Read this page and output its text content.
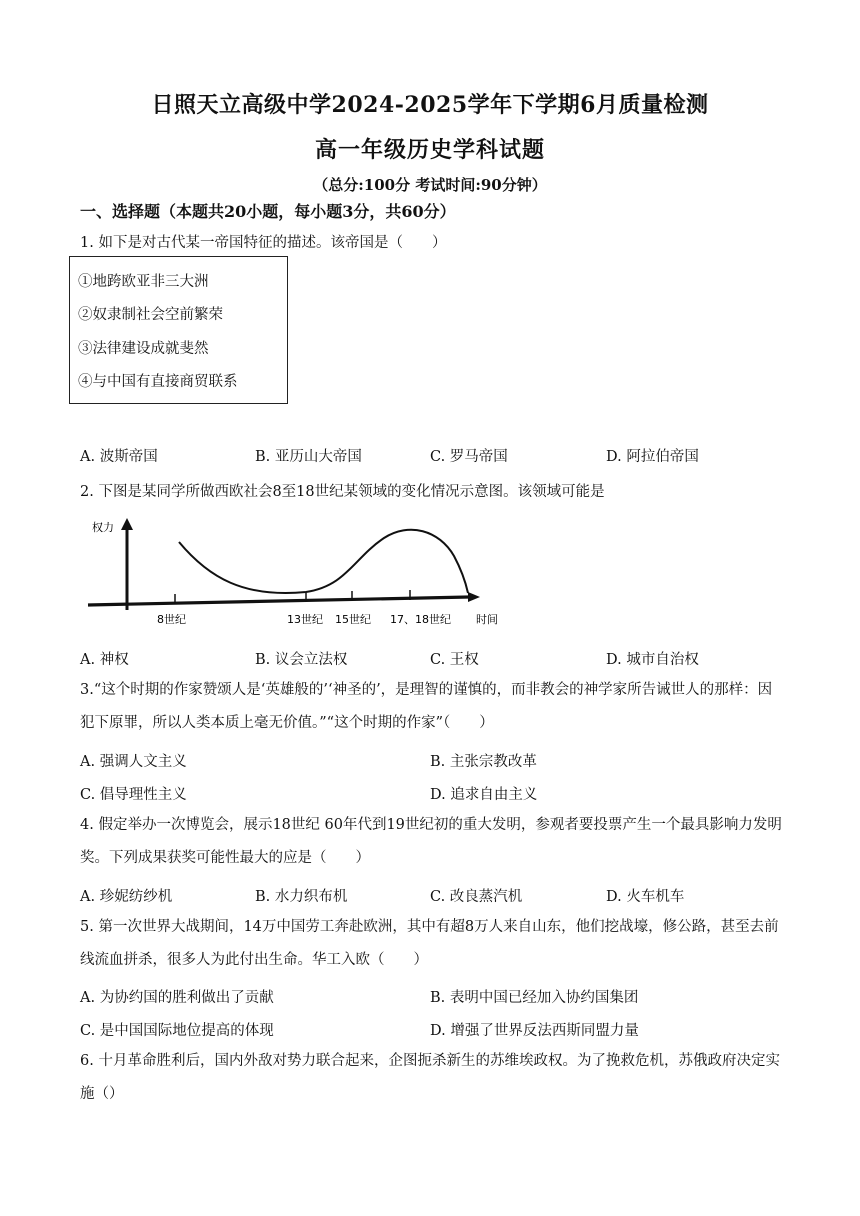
日照天立高级中学2024-2025学年下学期6月质量检测
高一年级历史学科试题
（总分:100分 考试时间:90分钟）
一、选择题（本题共20小题，每小题3分，共60分）
1. 如下是对古代某一帝国特征的描述。该帝国是（　　）
①地跨欧亚非三大洲
②奴隶制社会空前繁荣
③法律建设成就斐然
④与中国有直接商贸联系
A. 波斯帝国	B. 亚历山大帝国	C. 罗马帝国	D. 阿拉伯帝国
2. 下图是某同学所做西欧社会8至18世纪某领域的变化情况示意图。该领域可能是
权力
8世纪	13世纪 15世纪 17、18世纪 时间
A. 神权	B. 议会立法权	C. 王权	D. 城市自治权
3.“这个时期的作家赞颂人是‘英雄般的’‘神圣的’，是理智的谨慎的，而非教会的神学家所告诫世人的那样：因犯下原罪，所以人类本质上毫无价值。”“这个时期的作家”（　　）
A. 强调人文主义	B. 主张宗教改革
C. 倡导理性主义	D. 追求自由主义
4. 假定举办一次博览会，展示18世纪 60年代到19世纪初的重大发明，参观者要投票产生一个最具影响力发明奖。下列成果获奖可能性最大的应是（　　）
A. 珍妮纺纱机	B. 水力织布机	C. 改良蒸汽机	D. 火车机车
5. 第一次世界大战期间，14万中国劳工奔赴欧洲，其中有超8万人来自山东，他们挖战壕，修公路，甚至去前线流血拼杀，很多人为此付出生命。华工入欧（　　）
A. 为协约国的胜利做出了贡献	B. 表明中国已经加入协约国集团
C. 是中国国际地位提高的体现	D. 增强了世界反法西斯同盟力量
6. 十月革命胜利后，国内外敌对势力联合起来，企图扼杀新生的苏维埃政权。为了挽救危机，苏俄政府决定实施（）
